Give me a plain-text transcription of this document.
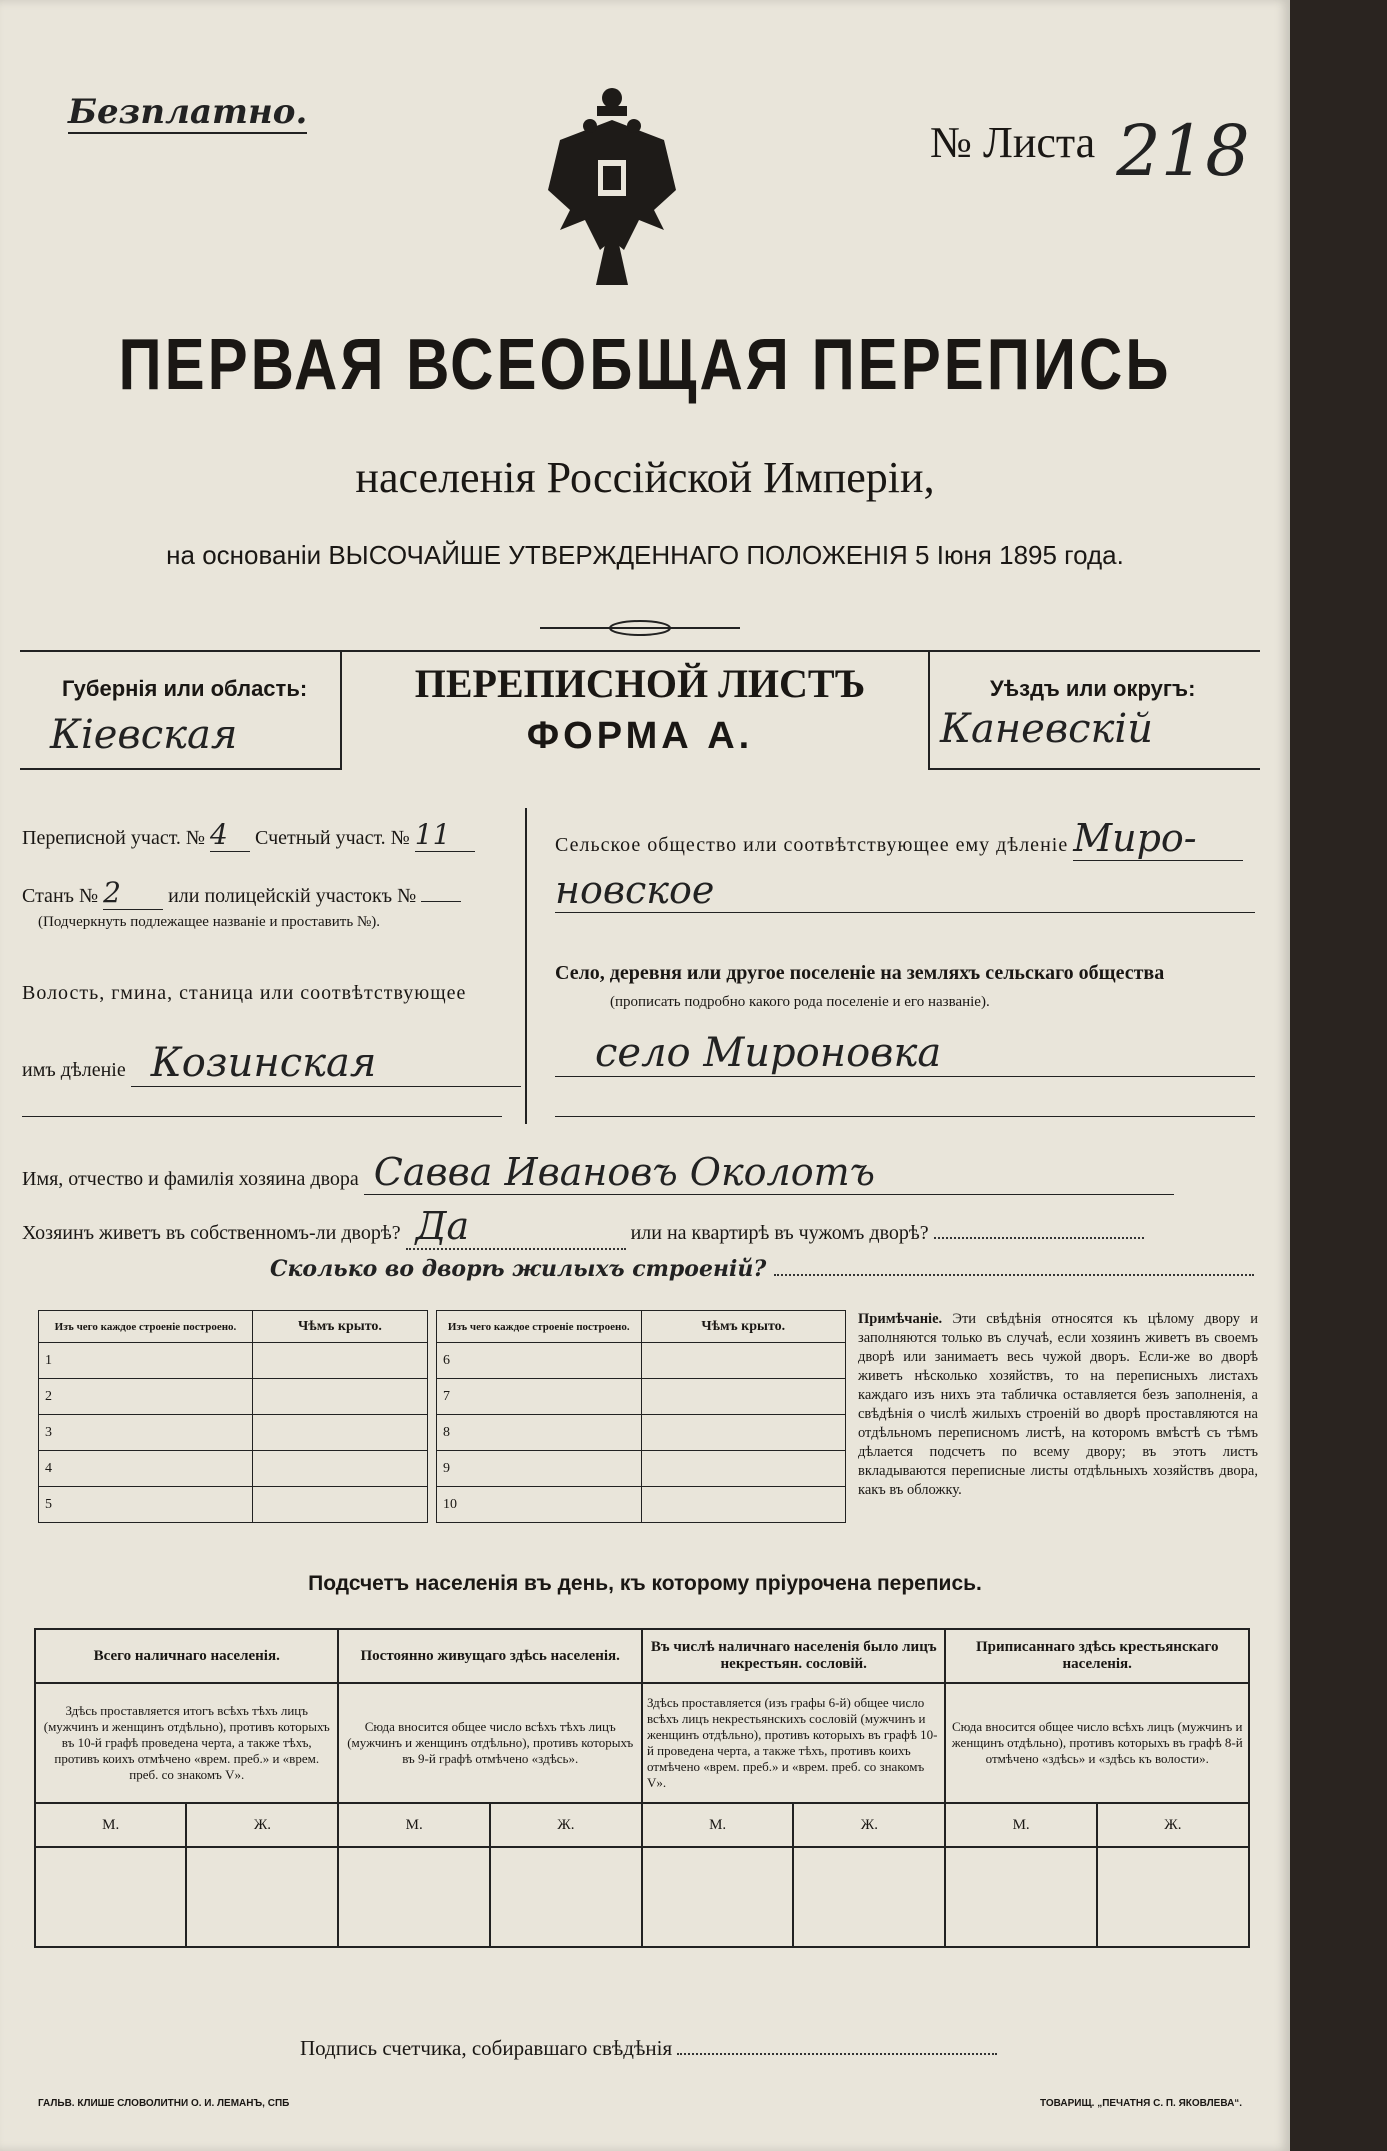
Безплатно.
№ Листа 218
ПЕРВАЯ ВСЕОБЩАЯ ПЕРЕПИСЬ
населенія Россійской Имперіи,
на основаніи ВЫСОЧАЙШЕ УТВЕРЖДЕННАГО ПОЛОЖЕНІЯ 5 Іюня 1895 года.
Губернія или область:
Кіевская
ПЕРЕПИСНОЙ ЛИСТЪ
ФОРМА А.
Уѣздъ или округъ:
Каневскій
Переписной участ. № 4 Счетный участ. № 11
Станъ № 2 или полицейскій участокъ №
(Подчеркнуть подлежащее названіе и проставить №).
Волость, гмина, станица или соотвѣтствующее
имъ дѣленіе Козинская
Сельское общество или соотвѣтствующее ему дѣленіе Миро-
новское
Село, деревня или другое поселеніе на земляхъ сельскаго общества
(прописать подробно какого рода поселеніе и его названіе).
село Мироновка
Имя, отчество и фамилія хозяина двора Савва Ивановъ Околотъ
Хозяинъ живетъ въ собственномъ-ли дворѣ? Да	или на квартирѣ въ чужомъ дворѣ?
Сколько во дворѣ жилыхъ строеній?
Изъ чего каждое строеніе построено.	Чѣмъ крыто.
1	
2	
3	
4	
5	
Изъ чего каждое строеніе построено.	Чѣмъ крыто.
6	
7	
8	
9	
10	
Примѣчаніе. Эти свѣдѣнія относятся къ цѣлому двору и заполняются только въ случаѣ, если хозяинъ живетъ въ своемъ дворѣ или занимаетъ весь чужой дворъ. Если-же во дворѣ живетъ нѣсколько хозяйствъ, то на переписныхъ листахъ каждаго изъ нихъ эта табличка оставляется безъ заполненія, а свѣдѣнія о числѣ жилыхъ строеній во дворѣ проставляются на отдѣльномъ переписномъ листѣ, на которомъ вмѣстѣ съ тѣмъ дѣлается подсчетъ по всему двору; въ этотъ листъ вкладываются переписные листы отдѣльныхъ хозяйствъ двора, какъ въ обложку.
Подсчетъ населенія въ день, къ которому пріурочена перепись.
Всего наличнаго населенія.		Постоянно живущаго здѣсь населенія.		Въ числѣ наличнаго населенія было лицъ некрестьян. сословій.		Приписаннаго здѣсь крестьянскаго населенія.	
Здѣсь проставляется итогъ всѣхъ тѣхъ лицъ (мужчинъ и женщинъ отдѣльно), противъ которыхъ въ 10-й графѣ проведена черта, а также тѣхъ, противъ коихъ отмѣчено «врем. преб.» и «врем. преб. со знакомъ V».		Сюда вносится общее число всѣхъ тѣхъ лицъ (мужчинъ и женщинъ отдѣльно), противъ которыхъ въ 9-й графѣ отмѣчено «здѣсь».		Здѣсь проставляется (изъ графы 6-й) общее число всѣхъ лицъ некрестьянскихъ сословій (мужчинъ и женщинъ отдѣльно), противъ которыхъ въ графѣ 10-й проведена черта, а также тѣхъ, противъ коихъ отмѣчено «врем. преб.» и «врем. преб. со знакомъ V».		Сюда вносится общее число всѣхъ лицъ (мужчинъ и женщинъ отдѣльно), противъ которыхъ въ графѣ 8-й отмѣчено «здѣсь» и «здѣсь къ волости».	
М.	Ж.	М.	Ж.	М.	Ж.	М.	Ж.

Подпись счетчика, собиравшаго свѣдѣнія
ГАЛЬВ. КЛИШЕ СЛОВОЛИТНИ О. И. ЛЕМАНЪ, СПБ	ТОВАРИЩ. „ПЕЧАТНЯ С. П. ЯКОВЛЕВА“.
